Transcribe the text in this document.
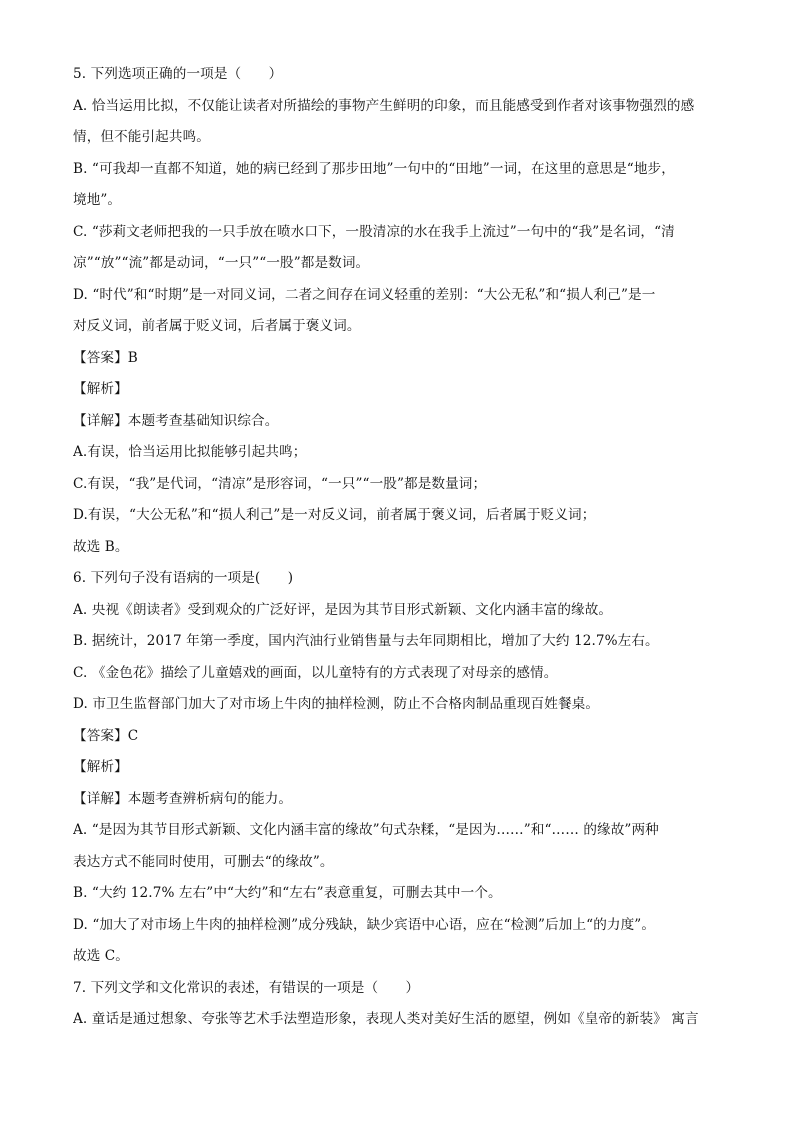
5. 下列选项正确的一项是（　　）
A. 恰当运用比拟，不仅能让读者对所描绘的事物产生鲜明的印象，而且能感受到作者对该事物强烈的感
情，但不能引起共鸣。
B. “可我却一直都不知道，她的病已经到了那步田地”一句中的“田地”一词，在这里的意思是“地步，
境地”。
C. “莎莉文老师把我的一只手放在喷水口下，一股清凉的水在我手上流过”一句中的“我”是名词，“清
凉”“放”“流”都是动词，“一只”“一股”都是数词。
D. “时代”和“时期”是一对同义词，二者之间存在词义轻重的差别：“大公无私”和“损人利己”是一
对反义词，前者属于贬义词，后者属于褒义词。
【答案】B
【解析】
【详解】本题考查基础知识综合。
A.有误，恰当运用比拟能够引起共鸣；
C.有误，“我”是代词，“清凉”是形容词，“一只”“一股”都是数量词；
D.有误，“大公无私”和“损人利己”是一对反义词，前者属于褒义词，后者属于贬义词；
故选 B。
6. 下列句子没有语病的一项是(　　)
A. 央视《朗读者》受到观众的广泛好评，是因为其节目形式新颖、文化内涵丰富的缘故。
B. 据统计，2017 年第一季度，国内汽油行业销售量与去年同期相比，增加了大约 12.7%左右。
C. 《金色花》描绘了儿童嬉戏的画面，以儿童特有的方式表现了对母亲的感情。
D. 市卫生监督部门加大了对市场上牛肉的抽样检测，防止不合格肉制品重现百姓餐桌。
【答案】C
【解析】
【详解】本题考查辨析病句的能力。
A. “是因为其节目形式新颖、文化内涵丰富的缘故”句式杂糅，“是因为……”和“…… 的缘故”两种
表达方式不能同时使用，可删去“的缘故”。
B. “大约 12.7% 左右”中“大约”和“左右”表意重复，可删去其中一个。
D. “加大了对市场上牛肉的抽样检测”成分残缺，缺少宾语中心语，应在“检测”后加上“的力度”。
故选 C。
7. 下列文学和文化常识的表述，有错误的一项是（　　）
A. 童话是通过想象、夸张等艺术手法塑造形象，表现人类对美好生活的愿望，例如《皇帝的新装》 寓言
